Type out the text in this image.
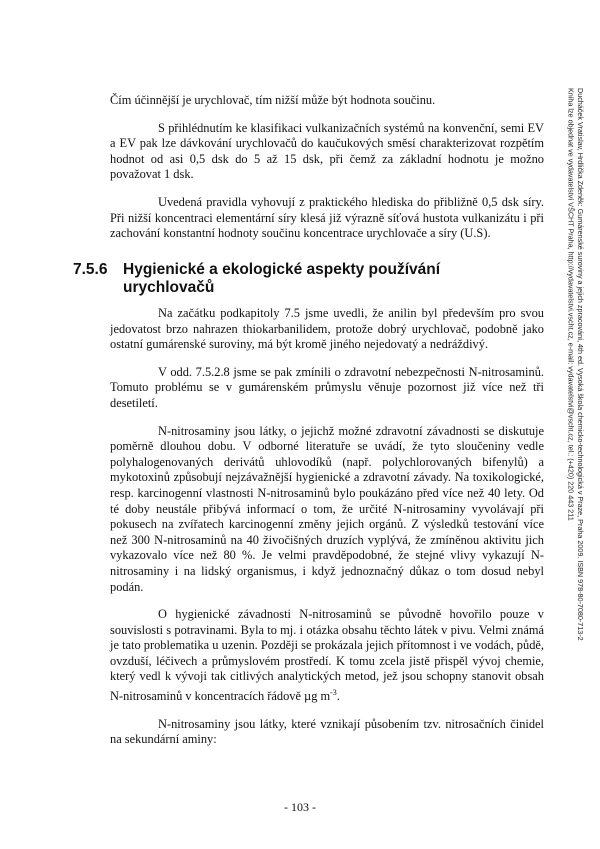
Čím účinnější je urychlovač, tím nižší může být hodnota součinu.

S přihlédnutím ke klasifikaci vulkanizačních systémů na konvenční, semi EV a EV pak lze dávkování urychlovačů do kaučukových směsí charakterizovat rozpětím hodnot od asi 0,5 dsk do 5 až 15 dsk, při čemž za základní hodnotu je možno považovat 1 dsk.

Uvedená pravidla vyhovují z praktického hlediska do přibližně 0,5 dsk síry. Při nižší koncentraci elementární síry klesá již výrazně síťová hustota vulkanizátu i při zachování konstantní hodnoty součinu koncentrace urychlovače a síry (U.S).

7.5.6	Hygienické a ekologické aspekty používání urychlovačů

Na začátku podkapitoly 7.5 jsme uvedli, že anilin byl především pro svou jedovatost brzo nahrazen thiokarbanilidem, protože dobrý urychlovač, podobně jako ostatní gumárenské suroviny, má být kromě jiného nejedovatý a nedráždivý.

V odd. 7.5.2.8 jsme se pak zmínili o zdravotní nebezpečnosti N-nitrosaminů. Tomuto problému se v gumárenském průmyslu věnuje pozornost již více než tři desetiletí.

N-nitrosaminy jsou látky, o jejichž možné zdravotní závadnosti se diskutuje poměrně dlouhou dobu. V odborné literatuře se uvádí, že tyto sloučeniny vedle polyhalogenovaných derivátů uhlovodíků (např. polychlorovaných bifenylů) a mykotoxinů způsobují nejzávažnější hygienické a zdravotní závady. Na toxikologické, resp. karcinogenní vlastnosti N-nitrosaminů bylo poukázáno před více než 40 lety. Od té doby neustále přibývá informací o tom, že určité N-nitrosaminy vyvolávají při pokusech na zvířatech karcinogenní změny jejich orgánů. Z výsledků testování více než 300 N-nitrosaminů na 40 živočišných druzích vyplývá, že zmíněnou aktivitu jich vykazovalo více než 80 %. Je velmi pravděpodobné, že stejné vlivy vykazují N-nitrosaminy i na lidský organismus, i když jednoznačný důkaz o tom dosud nebyl podán.

O hygienické závadnosti N-nitrosaminů se původně hovořilo pouze v souvislosti s potravinami. Byla to mj. i otázka obsahu těchto látek v pivu. Velmi známá je tato problematika u uzenin. Později se prokázala jejich přítomnost i ve vodách, půdě, ovzduší, léčivech a průmyslovém prostředí. K tomu zcela jistě přispěl vývoj chemie, který vedl k vývoji tak citlivých analytických metod, jež jsou schopny stanovit obsah N-nitrosaminů v koncentracích řádově µg $m^{-3}$.

N-nitrosaminy jsou látky, které vznikají působením tzv. nitrosačních činidel na sekundární aminy:

Ducháček Vratislav, Hrdlička Zdeněk: Gumárenské suroviny a jejich zpracování, 4th ed. Vysoká škola chemicko-technologická v Praze, Praha 2009. ISBN 978-80-7080-713-2
Kniha lze objednat ve vydavatelství VŠCHT Praha, http://vydavatelstvi.vscht.cz, e-mail: vydavatelstvi@vscht.cz, tel.: (+420) 220 443 211
- 103 -
